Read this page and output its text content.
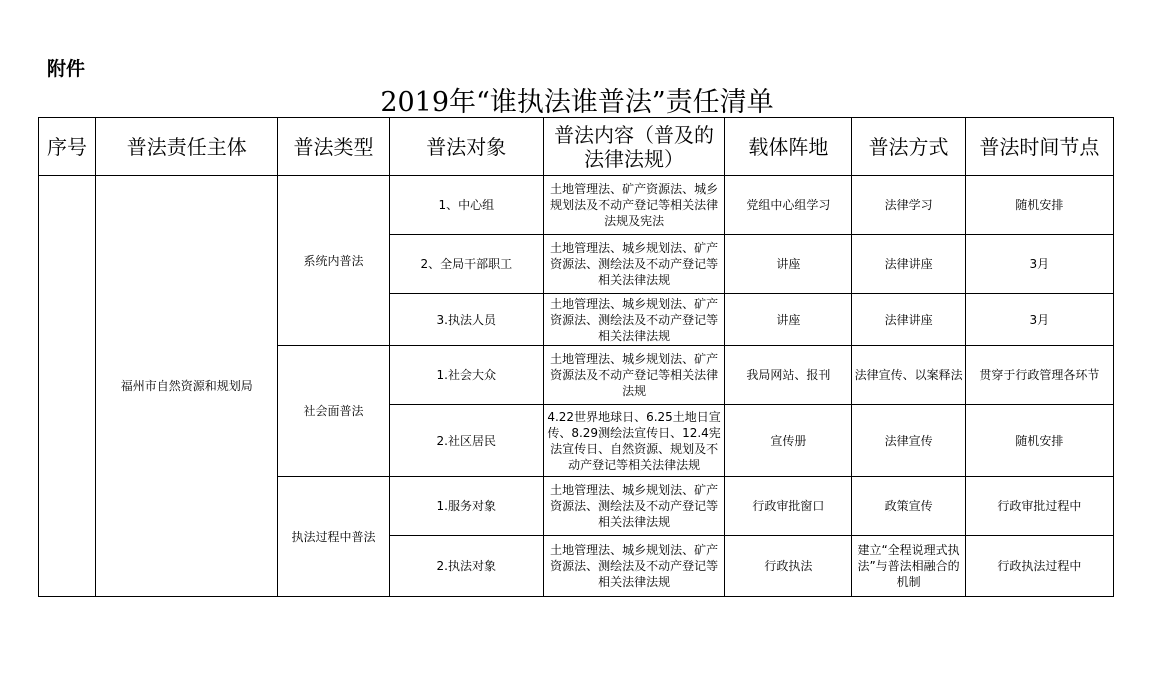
附件
2019年“谁执法谁普法”责任清单
序号	普法责任主体	普法类型	普法对象	普法内容（普及的法律法规）	载体阵地	普法方式	普法时间节点
	福州市自然资源和规划局	系统内普法	1、中心组	土地管理法、矿产资源法、城乡规划法及不动产登记等相关法律法规及宪法	党组中心组学习	法律学习	随机安排
			2、全局干部职工	土地管理法、城乡规划法、矿产资源法、测绘法及不动产登记等相关法律法规	讲座	法律讲座	3月
			3.执法人员	土地管理法、城乡规划法、矿产资源法、测绘法及不动产登记等相关法律法规	讲座	法律讲座	3月
		社会面普法	1.社会大众	土地管理法、城乡规划法、矿产资源法及不动产登记等相关法律法规	我局网站、报刊	法律宣传、以案释法	贯穿于行政管理各环节
			2.社区居民	4.22世界地球日、6.25土地日宣传、8.29测绘法宣传日、12.4宪法宣传日、自然资源、规划及不动产登记等相关法律法规	宣传册	法律宣传	随机安排
		执法过程中普法	1.服务对象	土地管理法、城乡规划法、矿产资源法、测绘法及不动产登记等相关法律法规	行政审批窗口	政策宣传	行政审批过程中
			2.执法对象	土地管理法、城乡规划法、矿产资源法、测绘法及不动产登记等相关法律法规	行政执法	建立“全程说理式执法”与普法相融合的机制	行政执法过程中
